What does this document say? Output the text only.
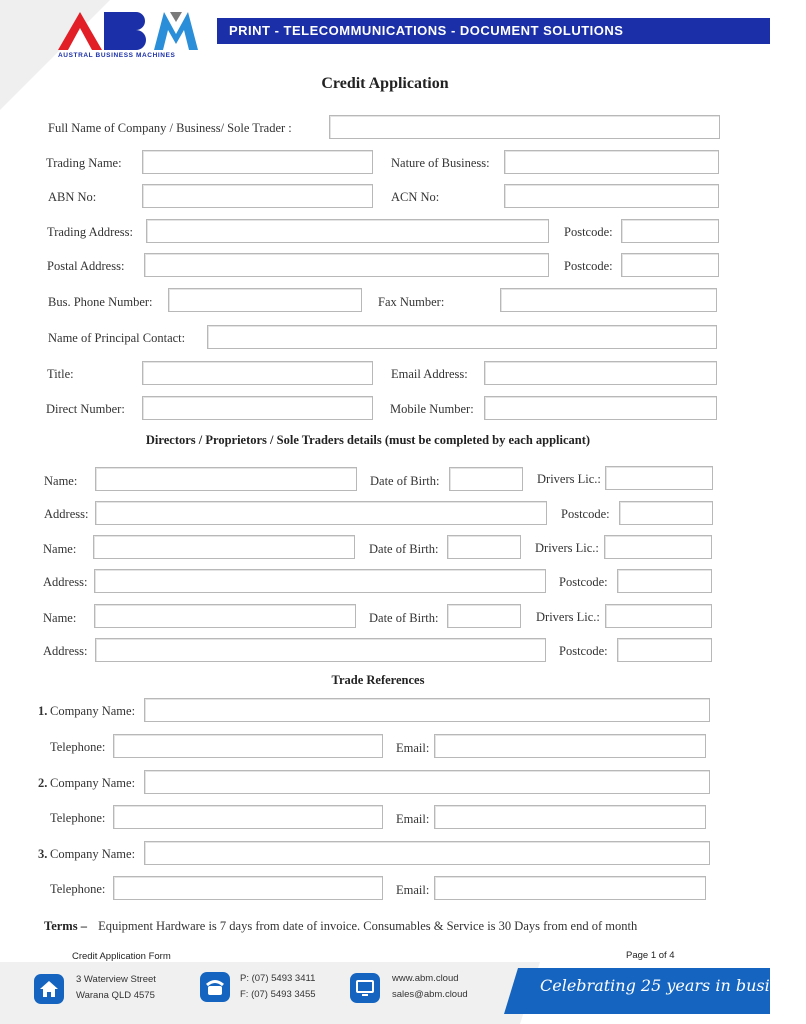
AUSTRAL BUSINESS MACHINES
PRINT - TELECOMMUNICATIONS - DOCUMENT SOLUTIONS
Credit Application
Full Name of Company / Business/ Sole Trader :
Trading Name:	Nature of Business:
ABN No:	ACN No:
Trading Address:	Postcode:
Postal Address:	Postcode:
Bus. Phone Number:	Fax Number:
Name of Principal Contact:
Title:	Email Address:
Direct Number:	Mobile Number:
Directors / Proprietors / Sole Traders details (must be completed by each applicant)
Name:	Date of Birth:	Drivers Lic.:
Address:	Postcode:
Name:	Date of Birth:	Drivers Lic.:
Address:	Postcode:
Name:	Date of Birth:	Drivers Lic.:
Address:	Postcode:
Trade References
1. Company Name:
Telephone:	Email:
2. Company Name:
Telephone:	Email:
3. Company Name:
Telephone:	Email:
Terms – Equipment Hardware is 7 days from date of invoice. Consumables & Service is 30 Days from end of month
Credit Application Form	Page 1 of 4
3 Waterview Street
Warana QLD 4575
P: (07) 5493 3411
F: (07) 5493 3455
www.abm.cloud
sales@abm.cloud	Celebrating 25 years in business
